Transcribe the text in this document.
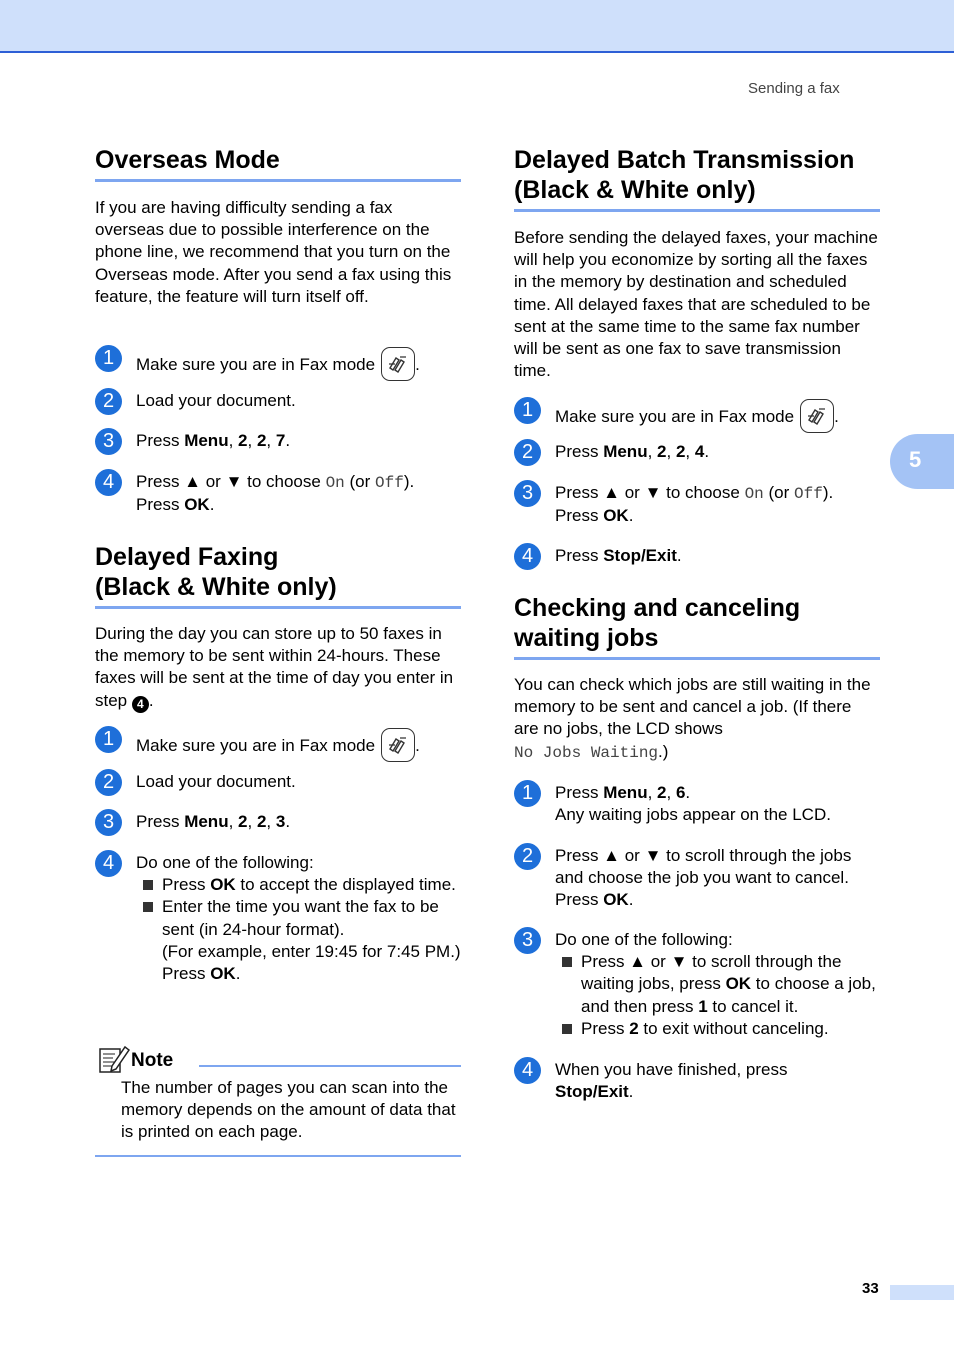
Sending a fax
5
Overseas Mode

If you are having difficulty sending a fax overseas due to possible interference on the phone line, we recommend that you turn on the Overseas mode. After you send a fax using this feature, the feature will turn itself off.

1	Make sure you are in Fax mode .
2	Load your document.
3	Press Menu, 2, 2, 7.
4	Press ▲ or ▼ to choose On (or Off).
Press OK.
Delayed Faxing
(Black & White only)

During the day you can store up to 50 faxes in the memory to be sent within 24-hours. These faxes will be sent at the time of day you enter in step 4 .

1	Make sure you are in Fax mode .
2	Load your document.
3	Press Menu, 2, 2, 3.
4	Do one of the following:
Press OK to accept the displayed time.
Enter the time you want the fax to be sent (in 24-hour format).
(For example, enter 19:45 for 7:45 PM.)
Press OK.
Note

The number of pages you can scan into the memory depends on the amount of data that is printed on each page.

Delayed Batch Transmission
(Black & White only)

Before sending the delayed faxes, your machine will help you economize by sorting all the faxes in the memory by destination and scheduled time. All delayed faxes that are scheduled to be sent at the same time to the same fax number will be sent as one fax to save transmission time.

1	Make sure you are in Fax mode .
2	Press Menu, 2, 2, 4.
3	Press ▲ or ▼ to choose On (or Off).
Press OK.
4	Press Stop/Exit.
Checking and canceling
waiting jobs

You can check which jobs are still waiting in the memory to be sent and cancel a job. (If there are no jobs, the LCD shows
No Jobs Waiting.)

1	Press Menu, 2, 6.
Any waiting jobs appear on the LCD.
2	Press ▲ or ▼ to scroll through the jobs and choose the job you want to cancel.
Press OK.
3	Do one of the following:
Press ▲ or ▼ to scroll through the waiting jobs, press OK to choose a job, and then press 1 to cancel it.
Press 2 to exit without canceling.
4	When you have finished, press
Stop/Exit.
33
